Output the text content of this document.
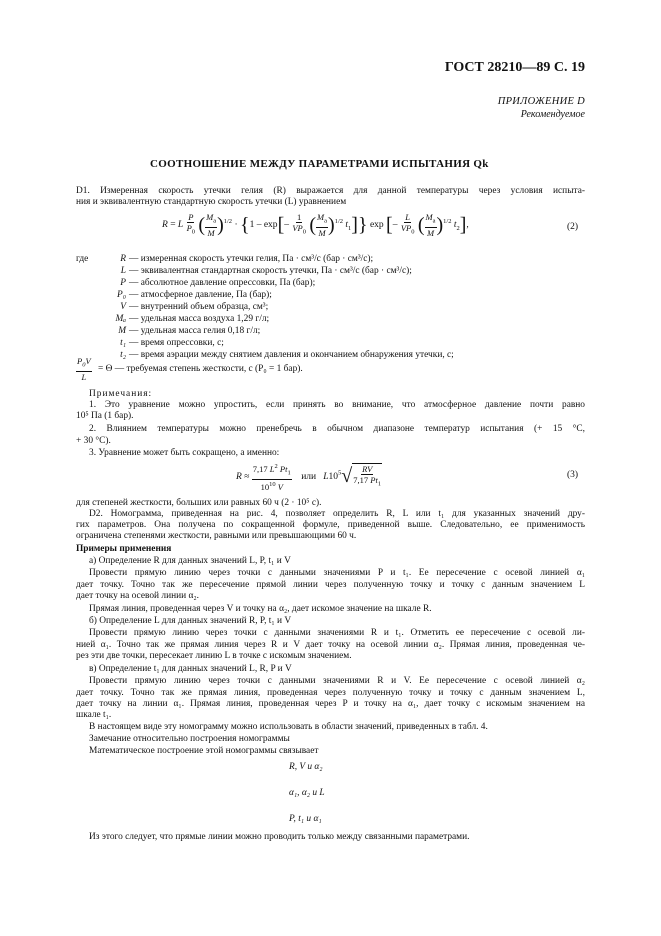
ГОСТ 28210—89 С. 19
ПРИЛОЖЕНИЕ D
Рекомендуемое
СООТНОШЕНИЕ МЕЖДУ ПАРАМЕТРАМИ ИСПЫТАНИЯ Qk
D1. Измеренная скорость утечки гелия (R) выражается для данной температуры через условия испыта-
ния и эквивалентную стандартную скорость утечки (L) уравнением
R = L $\frac{P}{P_0}$ ( $\frac{M_a}{M} )^{1/2} \cdot \{1 - \exp[- \frac{1}{VP_0}$ ( $\frac{M_a}{M} )^{1/2}$ $t_1$]} exp [– $\frac{L}{VP_0}$ ( $\frac{M_a}{M} )^{1/2}$ $t_2$],	(2)
где	R — измеренная скорость утечки гелия, Па · см³/с (бар · см³/с);
L — эквивалентная стандартная скорость утечки, Па · см³/с (бар · см³/с);
P — абсолютное давление опрессовки, Па (бар);
P₀ — атмосферное давление, Па (бар);
V — внутренний объем образца, см³;
Mₐ — удельная масса воздуха 1,29 г/л;
M — удельная масса гелия 0,18 г/л;
t₁ — время опрессовки, с;
t₂ — время аэрации между снятием давления и окончанием обнаружения утечки, с;
$\frac{P_0V}{L} = \Theta$ — требуемая степень жесткости, с (P₀ = 1 бар).
Примечания:
1. Это уравнение можно упростить, если принять во внимание, что атмосферное давление почти равно
10⁵ Па (1 бар).
2. Влиянием температуры можно пренебречь в обычном диапазоне температур испытания (+ 15 °С,
+ 30 °С).
3. Уравнение может быть сокращено, а именно:
$R \approx \frac{7,17 L^2 Pt_1}{10^{10} V}$ или $L10^5√ \frac{RV}{7,17 Pt_1}$	(3)
для степеней жесткости, больших или равных 60 ч (2 · 10⁵ с).
D2. Номограмма, приведенная на рис. 4, позволяет определить R, L или t₁ для указанных значений дру-
гих параметров. Она получена по сокращенной формуле, приведенной выше. Следовательно, ее применимость
ограничена степенями жесткости, равными или превышающими 60 ч.
Примеры применения
а) Определение R для данных значений L, P, t₁ и V
Провести прямую линию через точки с данными значениями P и t₁. Ее пересечение с осевой линией α₁
дает точку. Точно так же пересечение прямой линии через полученную точку и точку с данным значением L
дает точку на осевой линии α₂.
Прямая линия, проведенная через V и точку на α₂, дает искомое значение на шкале R.
б) Определение L для данных значений R, P, t₁ и V
Провести прямую линию через точки с данными значениями R и t₁. Отметить ее пересечение с осевой ли-
нией α₁. Точно так же прямая линия через R и V дает точку на осевой линии α₂. Прямая линия, проведенная че-
рез эти две точки, пересекает линию L в точке с искомым значением.
в) Определение t₁ для данных значений L, R, P и V
Провести прямую линию через точки с данными значениями R и V. Ее пересечение с осевой линией α₂
дает точку. Точно так же прямая линия, проведенная через полученную точку и точку с данным значением L,
дает точку на линии α₁. Прямая линия, проведенная через P и точку на α₁, дает точку с искомым значением на
шкале t₁.
В настоящем виде эту номограмму можно использовать в области значений, приведенных в табл. 4.
Замечание относительно построения номограммы
Математическое построение этой номограммы связывает
R, V и α₂
α₁, α₂ и L
P, t₁ и α₁
Из этого следует, что прямые линии можно проводить только между связанными параметрами.
